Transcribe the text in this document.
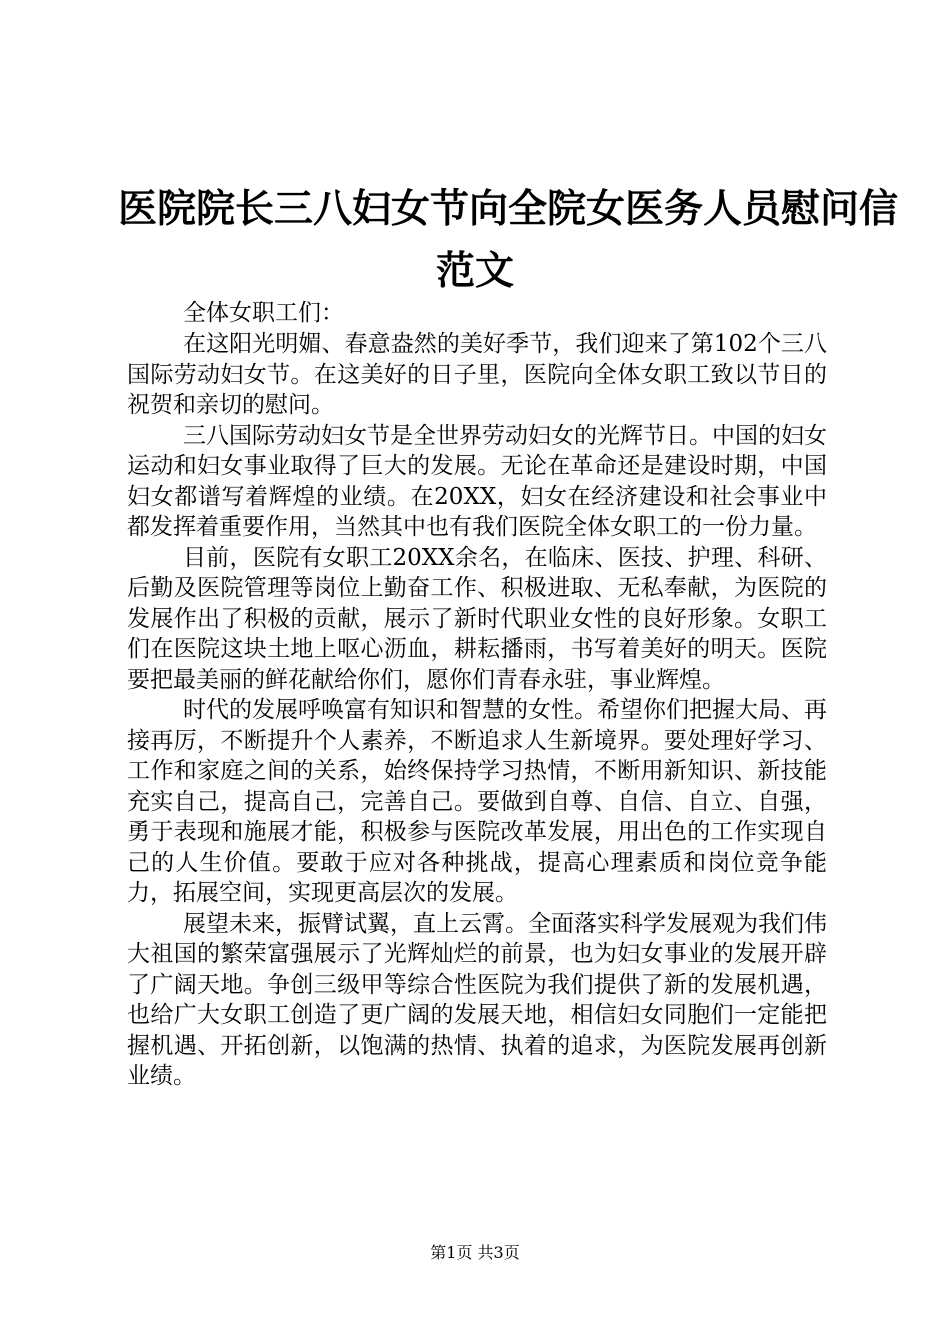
医院院长三八妇女节向全院女医务人员慰问信
范文

全体女职工们：

在这阳光明媚、春意盎然的美好季节，我们迎来了第102个三八国际劳动妇女节。在这美好的日子里，医院向全体女职工致以节日的祝贺和亲切的慰问。

三八国际劳动妇女节是全世界劳动妇女的光辉节日。中国的妇女运动和妇女事业取得了巨大的发展。无论在革命还是建设时期，中国妇女都谱写着辉煌的业绩。在20XX，妇女在经济建设和社会事业中都发挥着重要作用，当然其中也有我们医院全体女职工的一份力量。

目前，医院有女职工20XX余名，在临床、医技、护理、科研、后勤及医院管理等岗位上勤奋工作、积极进取、无私奉献，为医院的发展作出了积极的贡献，展示了新时代职业女性的良好形象。女职工们在医院这块土地上呕心沥血，耕耘播雨，书写着美好的明天。医院要把最美丽的鲜花献给你们，愿你们青春永驻，事业辉煌。

时代的发展呼唤富有知识和智慧的女性。希望你们把握大局、再接再厉，不断提升个人素养，不断追求人生新境界。要处理好学习、工作和家庭之间的关系，始终保持学习热情，不断用新知识、新技能充实自己，提高自己，完善自己。要做到自尊、自信、自立、自强，勇于表现和施展才能，积极参与医院改革发展，用出色的工作实现自己的人生价值。要敢于应对各种挑战，提高心理素质和岗位竞争能力，拓展空间，实现更高层次的发展。

展望未来，振臂试翼，直上云霄。全面落实科学发展观为我们伟大祖国的繁荣富强展示了光辉灿烂的前景，也为妇女事业的发展开辟了广阔天地。争创三级甲等综合性医院为我们提供了新的发展机遇，也给广大女职工创造了更广阔的发展天地，相信妇女同胞们一定能把握机遇、开拓创新，以饱满的热情、执着的追求，为医院发展再创新业绩。

第1页 共3页
